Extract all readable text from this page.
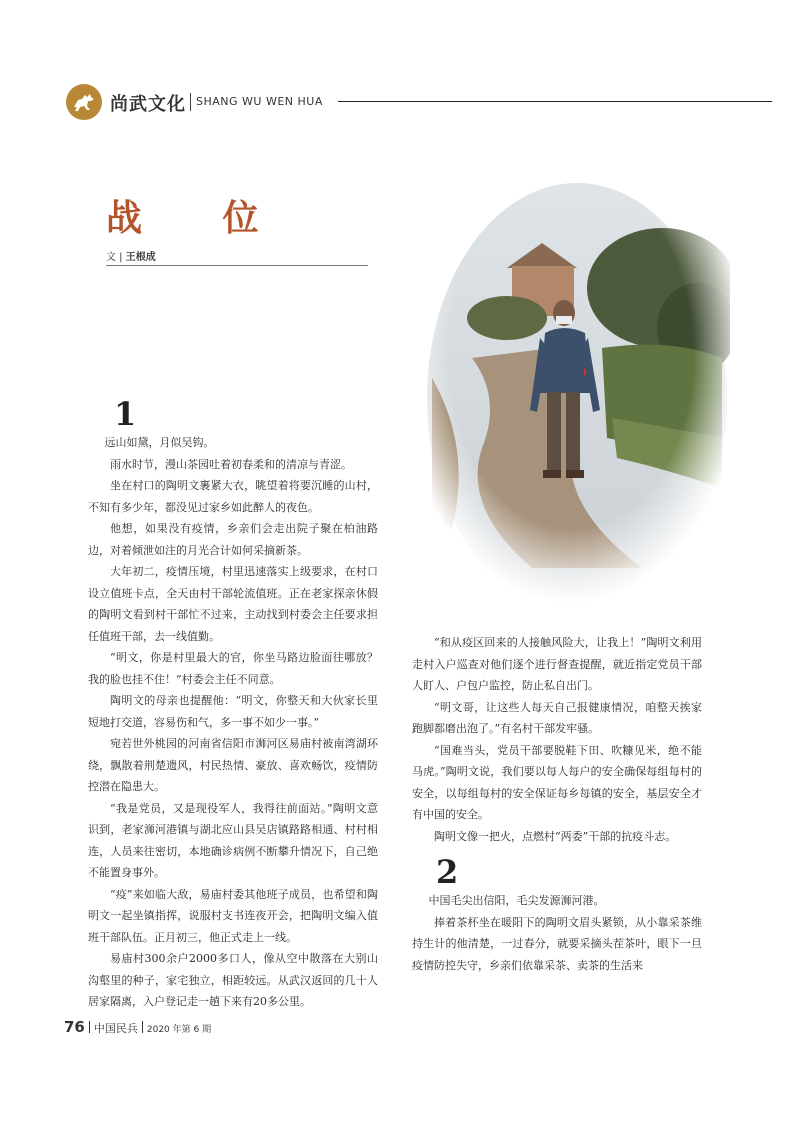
尚武文化 SHANG WU WEN HUA
战 位
文 | 王根成
1

远山如黛，月似吴钩。

雨水时节，漫山茶园吐着初春柔和的清凉与青涩。

坐在村口的陶明文裹紧大衣，眺望着将要沉睡的山村，不知有多少年，都没见过家乡如此醉人的夜色。

他想，如果没有疫情，乡亲们会走出院子聚在柏油路边，对着倾泄如注的月光合计如何采摘新茶。

大年初二，疫情压境，村里迅速落实上级要求，在村口设立值班卡点，全天由村干部轮流值班。正在老家探亲休假的陶明文看到村干部忙不过来，主动找到村委会主任要求担任值班干部，去一线值勤。

“明文，你是村里最大的官，你坐马路边脸面往哪放？我的脸也挂不住！”村委会主任不同意。

陶明文的母亲也提醒他：“明文，你整天和大伙家长里短地打交道，容易伤和气，多一事不如少一事。”

宛若世外桃园的河南省信阳市浉河区易庙村被南湾湖环绕，飘散着荆楚遗风，村民热情、豪放、喜欢畅饮，疫情防控潜在隐患大。

“我是党员，又是现役军人，我得往前面站。”陶明文意识到，老家浉河港镇与湖北应山县吴店镇路路相通、村村相连，人员来往密切，本地确诊病例不断攀升情况下，自己绝不能置身事外。

“疫”来如临大敌，易庙村委其他班子成员，也希望和陶明文一起坐镇指挥，说服村支书连夜开会，把陶明文编入值班干部队伍。正月初三，他正式走上一线。

易庙村300余户2000多口人，像从空中散落在大别山沟壑里的种子，家宅独立，相距较远。从武汉返回的几十人居家隔离，入户登记走一趟下来有20多公里。

“和从疫区回来的人接触风险大，让我上！”陶明文利用走村入户巡查对他们逐个进行督查提醒，就近指定党员干部人盯人、户包户监控，防止私自出门。

“明文哥，让这些人每天自己报健康情况，咱整天挨家跑脚都磨出泡了。”有名村干部发牢骚。

“国难当头，党员干部要脱鞋下田、吹糠见米，绝不能马虎。”陶明文说，我们要以每人每户的安全确保每组每村的安全，以每组每村的安全保证每乡每镇的安全，基层安全才有中国的安全。

陶明文像一把火，点燃村“两委”干部的抗疫斗志。

2

中国毛尖出信阳，毛尖发源浉河港。

捧着茶杯坐在暖阳下的陶明文眉头紧锁，从小靠采茶维持生计的他清楚，一过春分，就要采摘头茬茶叶，眼下一旦疫情防控失守，乡亲们依靠采茶、卖茶的生活来

76 中国民兵 2020 年第 6 期
